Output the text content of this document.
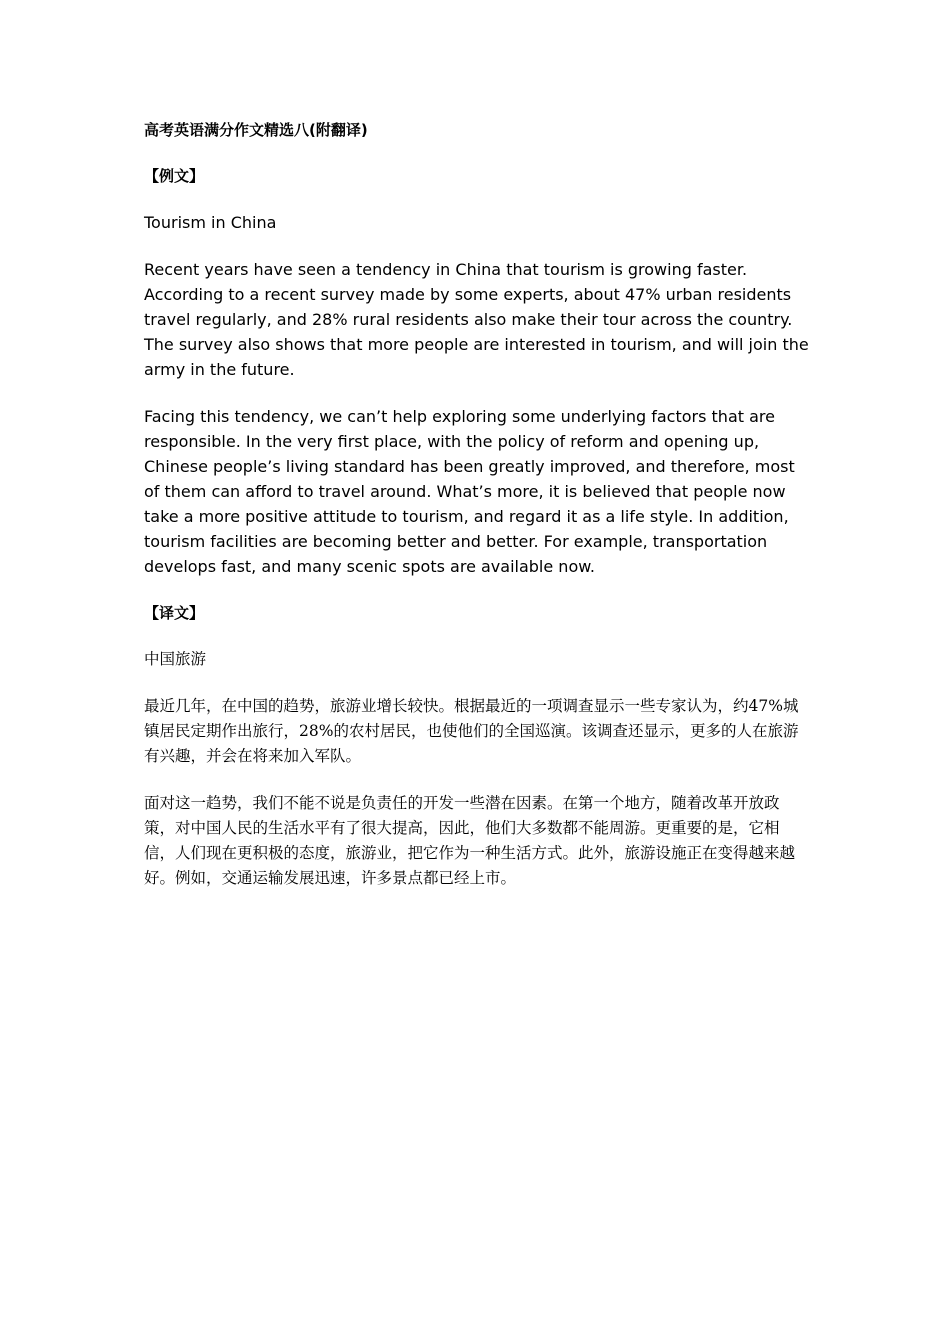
高考英语满分作文精选八(附翻译)
【例文】
Tourism in China
Recent years have seen a tendency in China that tourism is growing faster. According to a recent survey made by some experts, about 47% urban residents travel regularly, and 28% rural residents also make their tour across the country. The survey also shows that more people are interested in tourism, and will join the army in the future.
Facing this tendency, we can’t help exploring some underlying factors that are responsible. In the very first place, with the policy of reform and opening up, Chinese people’s living standard has been greatly improved, and therefore, most of them can afford to travel around. What’s more, it is believed that people now take a more positive attitude to tourism, and regard it as a life style. In addition, tourism facilities are becoming better and better. For example, transportation develops fast, and many scenic spots are available now.
【译文】
中国旅游
最近几年，在中国的趋势，旅游业增长较快。根据最近的一项调查显示一些专家认为，约47%城镇居民定期作出旅行，28%的农村居民，也使他们的全国巡演。该调查还显示，更多的人在旅游有兴趣，并会在将来加入军队。
面对这一趋势，我们不能不说是负责任的开发一些潜在因素。在第一个地方，随着改革开放政策，对中国人民的生活水平有了很大提高，因此，他们大多数都不能周游。更重要的是，它相信，人们现在更积极的态度，旅游业，把它作为一种生活方式。此外，旅游设施正在变得越来越好。例如，交通运输发展迅速，许多景点都已经上市。
